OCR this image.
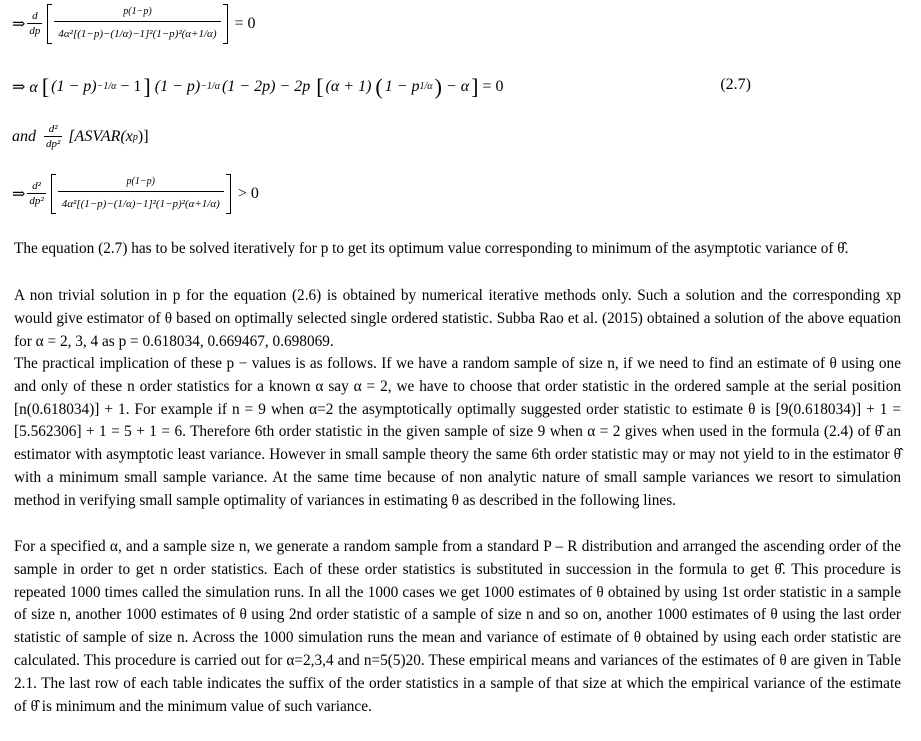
⇒ $\frac{d}{dp} \frac{p(1-p)}{\text{4α²[(1−p)−(1/α)−1]²(1−p)²(α+1/α)}} = 0$
⇒ α [ (1 − p) −1/α − 1 ] (1 − p) −1/α (1 − 2p) − 2p [ (α + 1) ( 1 − p 1/α ) − α ] = 0	(2.7)
and $\frac{\text{d²}}{\text{dp²}}$ [ASVAR(x p )]
⇒ $\frac{\text{d²}}{\text{dp²}} \frac{p(1-p)}{\text{4α²[(1−p)−(1/α)−1]²(1−p)²(α+1/α)}} > 0$

The equation (2.7) has to be solved iteratively for p to get its optimum value corresponding to minimum of the asymptotic variance of θ̂.

A non trivial solution in p for the equation (2.6) is obtained by numerical iterative methods only. Such a solution and the corresponding xp would give estimator of θ based on optimally selected single ordered statistic. Subba Rao et al. (2015) obtained a solution of the above equation for α = 2, 3, 4 as p = 0.618034, 0.669467, 0.698069.

The practical implication of these p − values is as follows. If we have a random sample of size n, if we need to find an estimate of θ using one and only of these n order statistics for a known α say α = 2, we have to choose that order statistic in the ordered sample at the serial position [n(0.618034)] + 1. For example if n = 9 when α=2 the asymptotically optimally suggested order statistic to estimate θ is [9(0.618034)] + 1 = [5.562306] + 1 = 5 + 1 = 6. Therefore 6th order statistic in the given sample of size 9 when α = 2 gives when used in the formula (2.4) of θ̂ an estimator with asymptotic least variance. However in small sample theory the same 6th order statistic may or may not yield to in the estimator θ̂ with a minimum small sample variance. At the same time because of non analytic nature of small sample variances we resort to simulation method in verifying small sample optimality of variances in estimating θ as described in the following lines.

For a specified α, and a sample size n, we generate a random sample from a standard P – R distribution and arranged the ascending order of the sample in order to get n order statistics. Each of these order statistics is substituted in succession in the formula to get θ̂. This procedure is repeated 1000 times called the simulation runs. In all the 1000 cases we get 1000 estimates of θ obtained by using 1st order statistic in a sample of size n, another 1000 estimates of θ using 2nd order statistic of a sample of size n and so on, another 1000 estimates of θ using the last order statistic of sample of size n. Across the 1000 simulation runs the mean and variance of estimate of θ obtained by using each order statistic are calculated. This procedure is carried out for α=2,3,4 and n=5(5)20. These empirical means and variances of the estimates of θ are given in Table 2.1. The last row of each table indicates the suffix of the order statistics in a sample of that size at which the empirical variance of the estimate of θ̂ is minimum and the minimum value of such variance.
